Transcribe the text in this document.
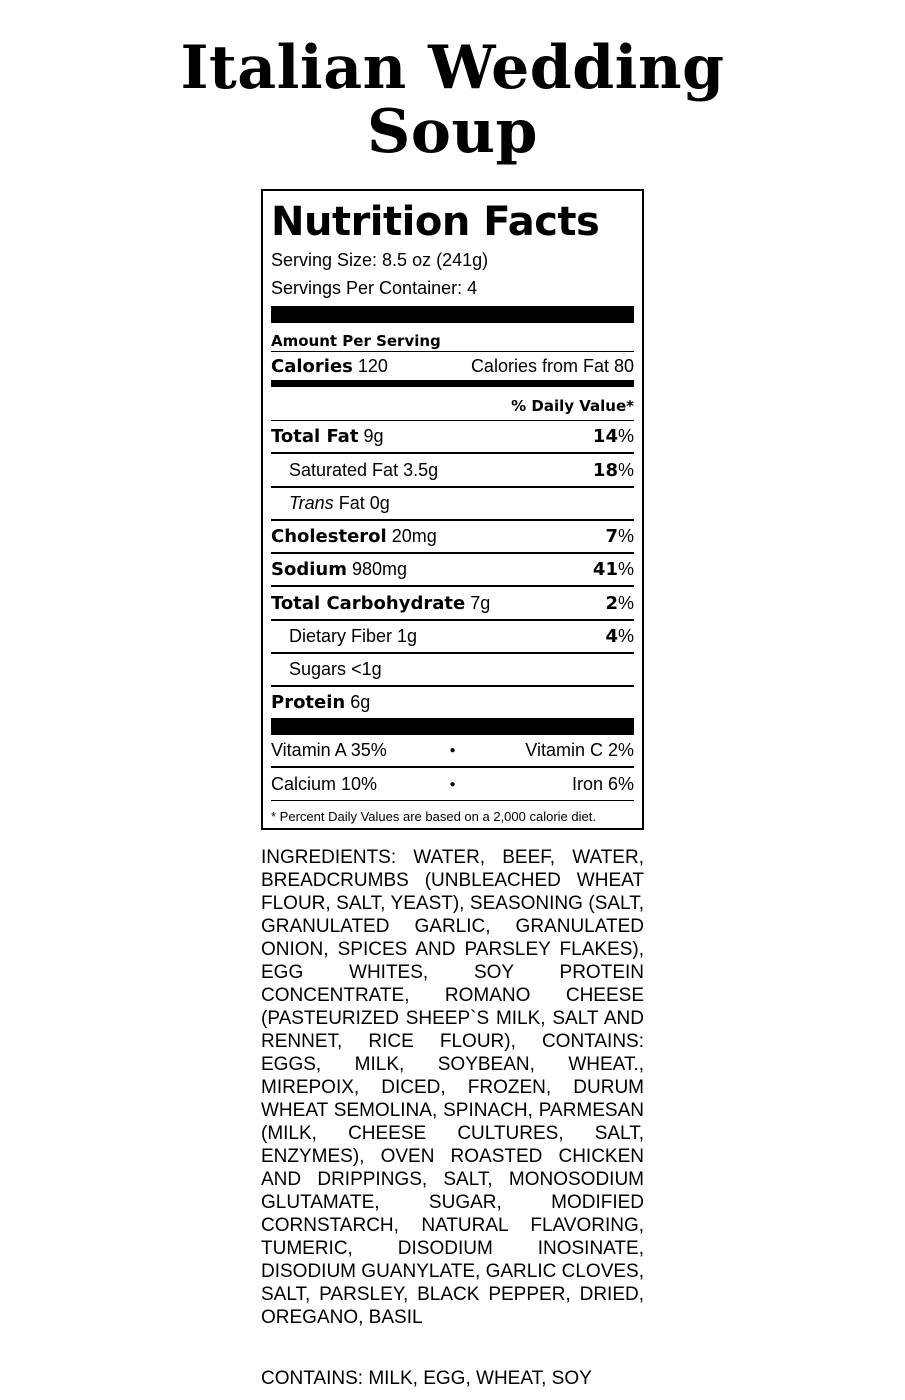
Italian Wedding
Soup
Nutrition Facts
Serving Size: 8.5 oz (241g)
Servings Per Container: 4
Amount Per Serving
Calories 120	Calories from Fat 80
% Daily Value*
Total Fat 9g	14%
Saturated Fat 3.5g	18%
Trans Fat 0g
Cholesterol 20mg	7%
Sodium 980mg	41%
Total Carbohydrate 7g	2%
Dietary Fiber 1g	4%
Sugars <1g
Protein 6g
Vitamin A 35%	●	Vitamin C 2%
Calcium 10%	●	Iron 6%
* Percent Daily Values are based on a 2,000 calorie diet.
INGREDIENTS: WATER, BEEF, WATER, BREADCRUMBS (UNBLEACHED WHEAT FLOUR, SALT, YEAST), SEASONING (SALT, GRANULATED GARLIC, GRANULATED ONION, SPICES AND PARSLEY FLAKES), EGG WHITES, SOY PROTEIN CONCENTRATE, ROMANO CHEESE (PASTEURIZED SHEEP`S MILK, SALT AND RENNET, RICE FLOUR), CONTAINS: EGGS, MILK, SOYBEAN, WHEAT., MIREPOIX, DICED, FROZEN, DURUM WHEAT SEMOLINA, SPINACH, PARMESAN (MILK, CHEESE CULTURES, SALT, ENZYMES), OVEN ROASTED CHICKEN AND DRIPPINGS, SALT, MONOSODIUM GLUTAMATE, SUGAR, MODIFIED CORNSTARCH, NATURAL FLAVORING, TUMERIC, DISODIUM INOSINATE, DISODIUM GUANYLATE, GARLIC CLOVES, SALT, PARSLEY, BLACK PEPPER, DRIED, OREGANO, BASIL
CONTAINS: MILK, EGG, WHEAT, SOY
